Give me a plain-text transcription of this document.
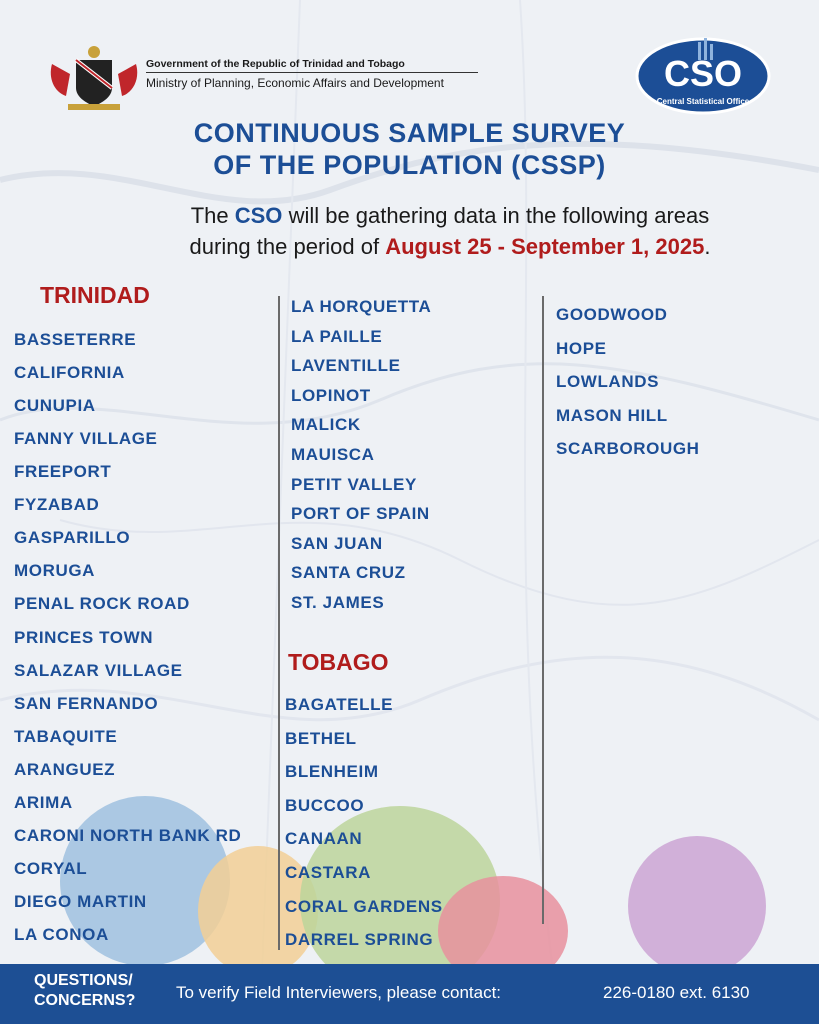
Government of the Republic of Trinidad and Tobago
Ministry of Planning, Economic Affairs and Development	CSO
Central Statistical Office
CONTINUOUS SAMPLE SURVEY
OF THE POPULATION (CSSP)
The CSO will be gathering data in the following areas
during the period of August 25 - September 1, 2025.
TRINIDAD
TOBAGO
BASSETERRE
CALIFORNIA
CUNUPIA
FANNY VILLAGE
FREEPORT
FYZABAD
GASPARILLO
MORUGA
PENAL ROCK ROAD
PRINCES TOWN
SALAZAR VILLAGE
SAN FERNANDO
TABAQUITE
ARANGUEZ
ARIMA
CARONI NORTH BANK RD
CORYAL
DIEGO MARTIN
LA CONOA
LA HORQUETTA
LA PAILLE
LAVENTILLE
LOPINOT
MALICK
MAUISCA
PETIT VALLEY
PORT OF SPAIN
SAN JUAN
SANTA CRUZ
ST. JAMES
BAGATELLE
BETHEL
BLENHEIM
BUCCOO
CANAAN
CASTARA
CORAL GARDENS
DARREL SPRING
GOODWOOD
HOPE
LOWLANDS
MASON HILL
SCARBOROUGH
QUESTIONS/
CONCERNS? To verify Field Interviewers, please contact:	226-0180 ext. 6130
